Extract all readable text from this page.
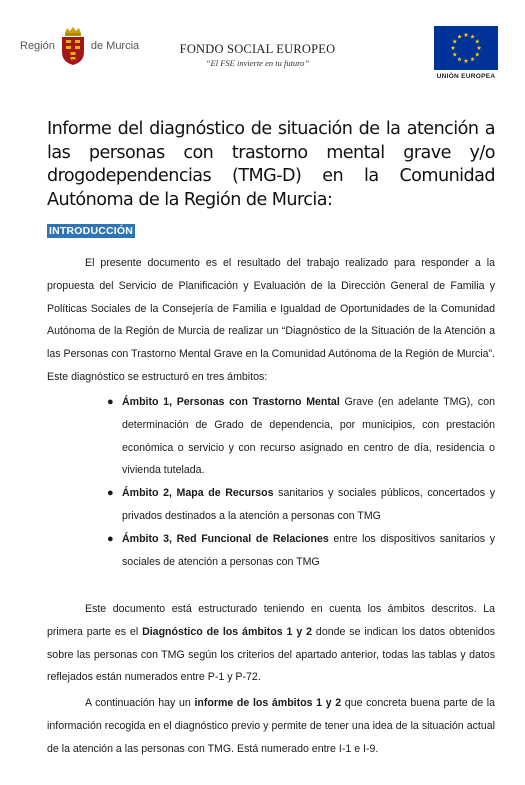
Región	de Murcia	FONDO SOCIAL EUROPEO
“El FSE invierte en tu futuro”
UNIÓN EUROPEA
Informe del diagnóstico de situación de la atención a las personas con trastorno mental grave y/o drogodependencias (TMG-D) en la Comunidad Autónoma de la Región de Murcia:
INTRODUCCIÓN

El presente documento es el resultado del trabajo realizado para responder a la propuesta del Servicio de Planificación y Evaluación de la Dirección General de Familia y Políticas Sociales de la Consejería de Familia e Igualdad de Oportunidades de la Comunidad Autónoma de la Región de Murcia de realizar un “Diagnóstico de la Situación de la Atención a las Personas con Trastorno Mental Grave en la Comunidad Autónoma de la Región de Murcia”. Este diagnóstico se estructuró en tres ámbitos:

● Ámbito 1, Personas con Trastorno Mental Grave (en adelante TMG), con determinación de Grado de dependencia, por municipios, con prestación económica o servicio y con recurso asignado en centro de día, residencia o vivienda tutelada.
● Ámbito 2, Mapa de Recursos sanitarios y sociales públicos, concertados y privados destinados a la atención a personas con TMG
● Ámbito 3, Red Funcional de Relaciones entre los dispositivos sanitarios y sociales de atención a personas con TMG

Este documento está estructurado teniendo en cuenta los ámbitos descritos. La primera parte es el Diagnóstico de los ámbitos 1 y 2 donde se indican los datos obtenidos sobre las personas con TMG según los criterios del apartado anterior, todas las tablas y datos reflejados están numerados entre P-1 y P-72.

A continuación hay un informe de los ámbitos 1 y 2 que concreta buena parte de la información recogida en el diagnóstico previo y permite de tener una idea de la situación actual de la atención a las personas con TMG. Está numerado entre I-1 e I-9.
